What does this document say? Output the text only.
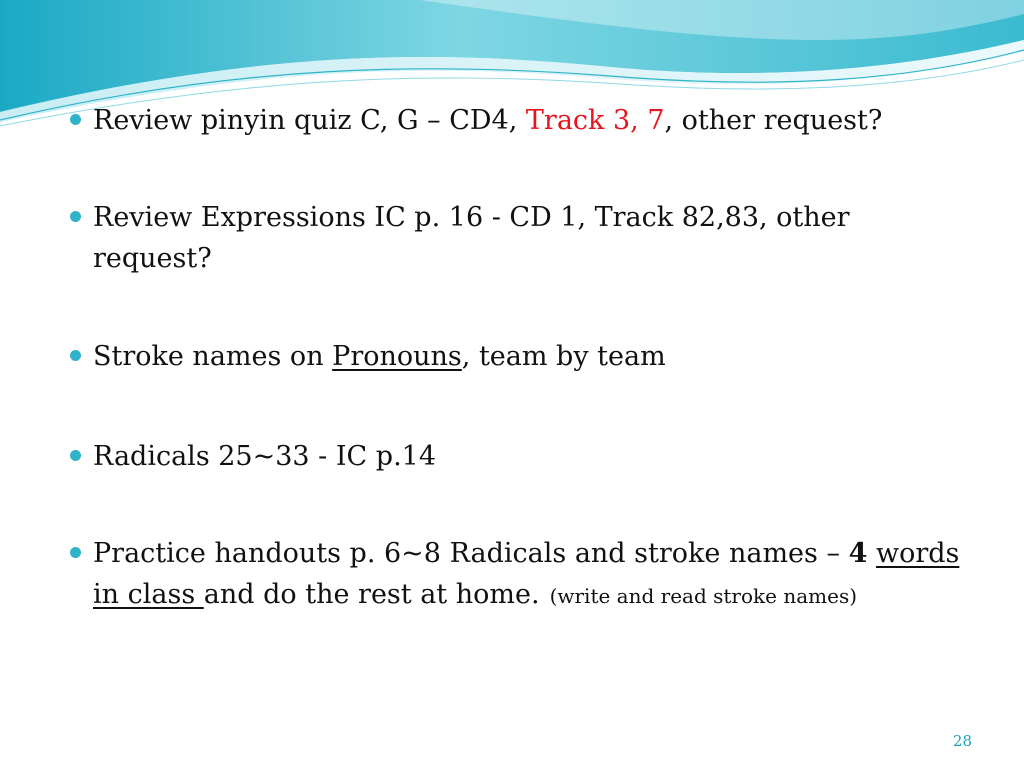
Review pinyin quiz C, G – CD4, Track 3, 7, other request?
Review Expressions IC p. 16 - CD 1, Track 82,83, other request?
Stroke names on Pronouns, team by team
Radicals 25~33 - IC p.14
Practice handouts p. 6~8 Radicals and stroke names – 4 words in class and do the rest at home. (write and read stroke names)
28
